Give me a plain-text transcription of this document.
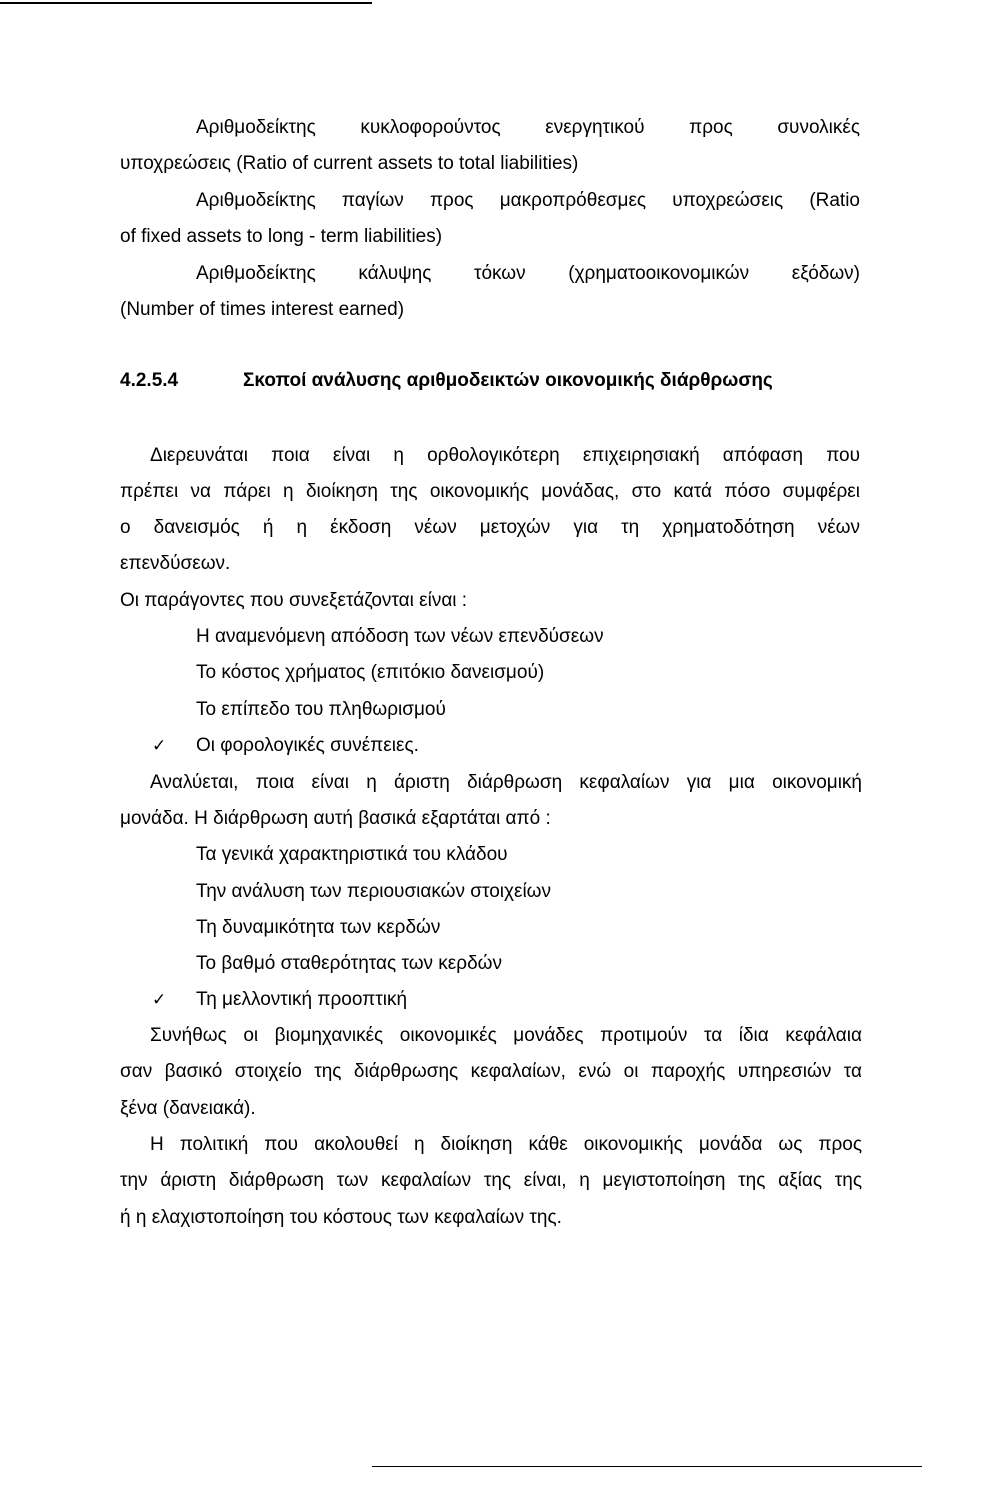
Αριθμοδείκτης κυκλοφορούντος ενεργητικού προς συνολικές
υποχρεώσεις (Ratio of current assets to total liabilities)
Αριθμοδείκτης παγίων προς μακροπρόθεσμες υποχρεώσεις (Ratio
of fixed assets to long - term liabilities)
Αριθμοδείκτης κάλυψης τόκων (χρηματοοικονομικών εξόδων)
(Number of times interest earned)
4.2.5.4	Σκοποί ανάλυσης αριθμοδεικτών οικονομικής διάρθρωσης
Διερευνάται ποια είναι η ορθολογικότερη επιχειρησιακή απόφαση που
πρέπει να πάρει η διοίκηση της οικονομικής μονάδας, στο κατά πόσο συμφέρει
ο δανεισμός ή η έκδοση νέων μετοχών για τη χρηματοδότηση νέων
επενδύσεων.
Οι παράγοντες που συνεξετάζονται είναι :
Η αναμενόμενη απόδοση των νέων επενδύσεων
Το κόστος χρήματος (επιτόκιο δανεισμού)
Το επίπεδο του πληθωρισμού
✓ Οι φορολογικές συνέπειες.
Αναλύεται, ποια είναι η άριστη διάρθρωση κεφαλαίων για μια οικονομική
μονάδα. Η διάρθρωση αυτή βασικά εξαρτάται από :
Τα γενικά χαρακτηριστικά του κλάδου
Την ανάλυση των περιουσιακών στοιχείων
Τη δυναμικότητα των κερδών
Το βαθμό σταθερότητας των κερδών
✓ Τη μελλοντική προοπτική
Συνήθως οι βιομηχανικές οικονομικές μονάδες προτιμούν τα ίδια κεφάλαια
σαν βασικό στοιχείο της διάρθρωσης κεφαλαίων, ενώ οι παροχής υπηρεσιών τα
ξένα (δανειακά).
Η πολιτική που ακολουθεί η διοίκηση κάθε οικονομικής μονάδα ως προς
την άριστη διάρθρωση των κεφαλαίων της είναι, η μεγιστοποίηση της αξίας της
ή η ελαχιστοποίηση του κόστους των κεφαλαίων της.
